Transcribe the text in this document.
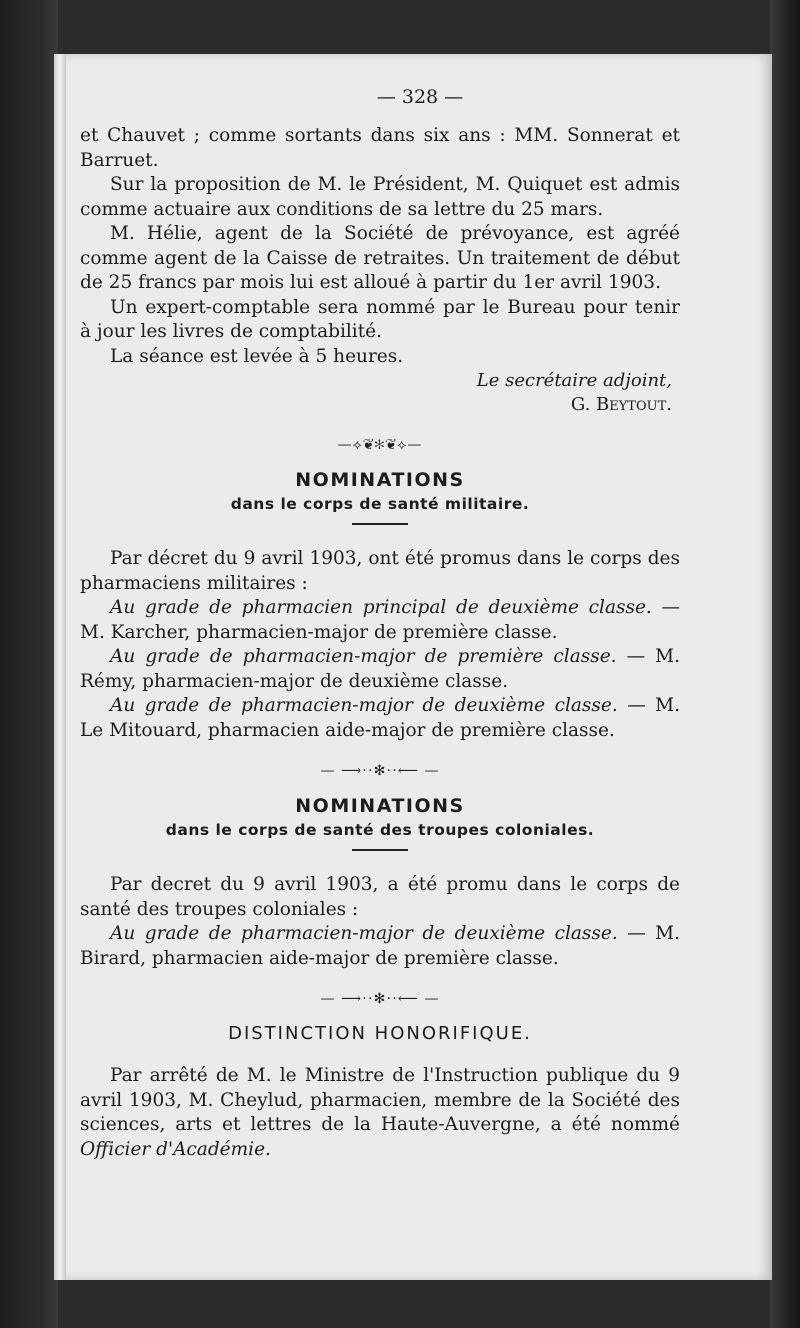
— 328 —

et Chauvet ; comme sortants dans six ans : MM. Sonnerat et Barruet.

Sur la proposition de M. le Président, M. Quiquet est admis comme actuaire aux conditions de sa lettre du 25 mars.

M. Hélie, agent de la Société de prévoyance, est agréé comme agent de la Caisse de retraites. Un traitement de début de 25 francs par mois lui est alloué à partir du 1er avril 1903.

Un expert-comptable sera nommé par le Bureau pour tenir à jour les livres de comptabilité.

La séance est levée à 5 heures.

Le secrétaire adjoint,
G. Beytout.
—⟡❦✻❦⟡—
NOMINATIONS
dans le corps de santé militaire.

Par décret du 9 avril 1903, ont été promus dans le corps des pharmaciens militaires :

Au grade de pharmacien principal de deuxième classe. — M. Karcher, pharmacien-major de première classe.

Au grade de pharmacien-major de première classe. — M. Rémy, pharmacien-major de deuxième classe.

Au grade de pharmacien-major de deuxième classe. — M. Le Mitouard, pharmacien aide-major de première classe.

— ⟶⋅⋅✻⋅⋅⟵ —
NOMINATIONS
dans le corps de santé des troupes coloniales.

Par decret du 9 avril 1903, a été promu dans le corps de santé des troupes coloniales :

Au grade de pharmacien-major de deuxième classe. — M. Birard, pharmacien aide-major de première classe.

— ⟶⋅⋅✻⋅⋅⟵ —
DISTINCTION HONORIFIQUE.

Par arrêté de M. le Ministre de l'Instruction publique du 9 avril 1903, M. Cheylud, pharmacien, membre de la Société des sciences, arts et lettres de la Haute-Auvergne, a été nommé Officier d'Académie.
